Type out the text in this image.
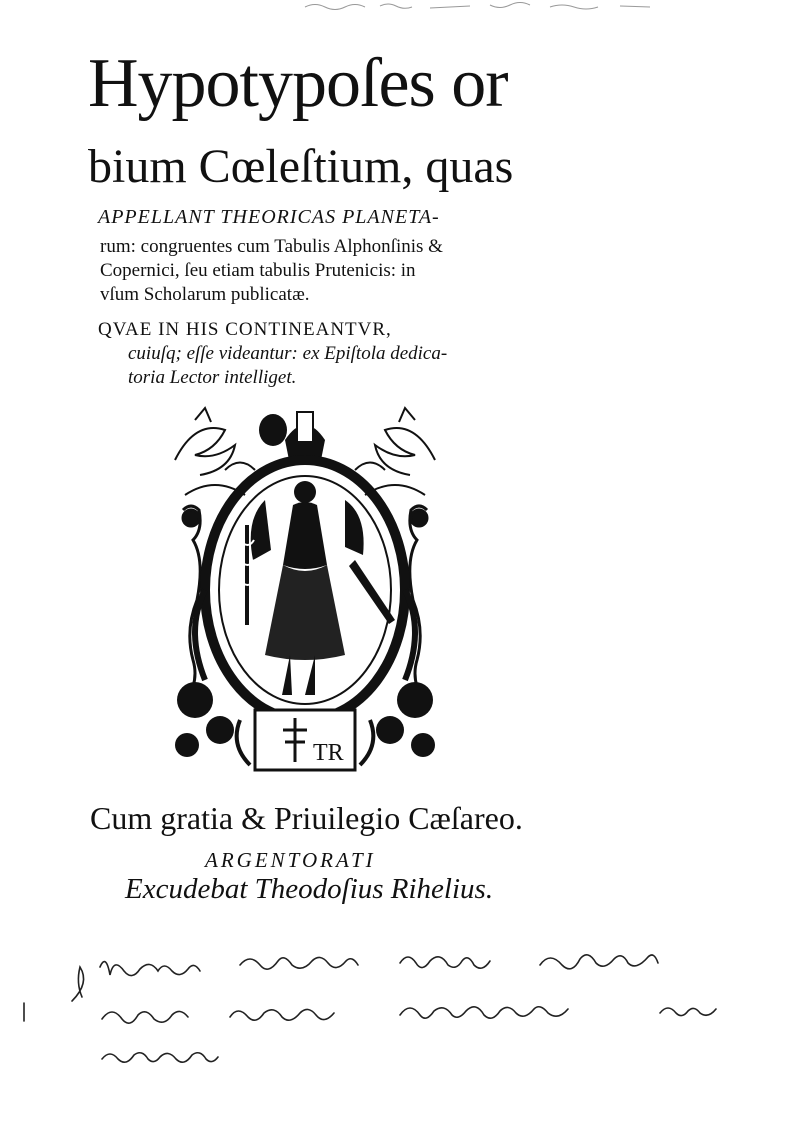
Hypotypoſes or
bium Cœleſtium, quas
APPELLANT THEORICAS PLANETA-
rum: congruentes cum Tabulis Alphonſinis &
Copernici, ſeu etiam tabulis Prutenicis: in
vſum Scholarum publicatæ.
QVAE IN HIS CONTINEANTVR,
cuiuſq; eſſe videantur: ex Epiſtola dedica-
toria Lector intelliget.
TR
Cum gratia & Priuilegio Cæſareo.
ARGENTORATI
Excudebat Theodoſius Rihelius.
